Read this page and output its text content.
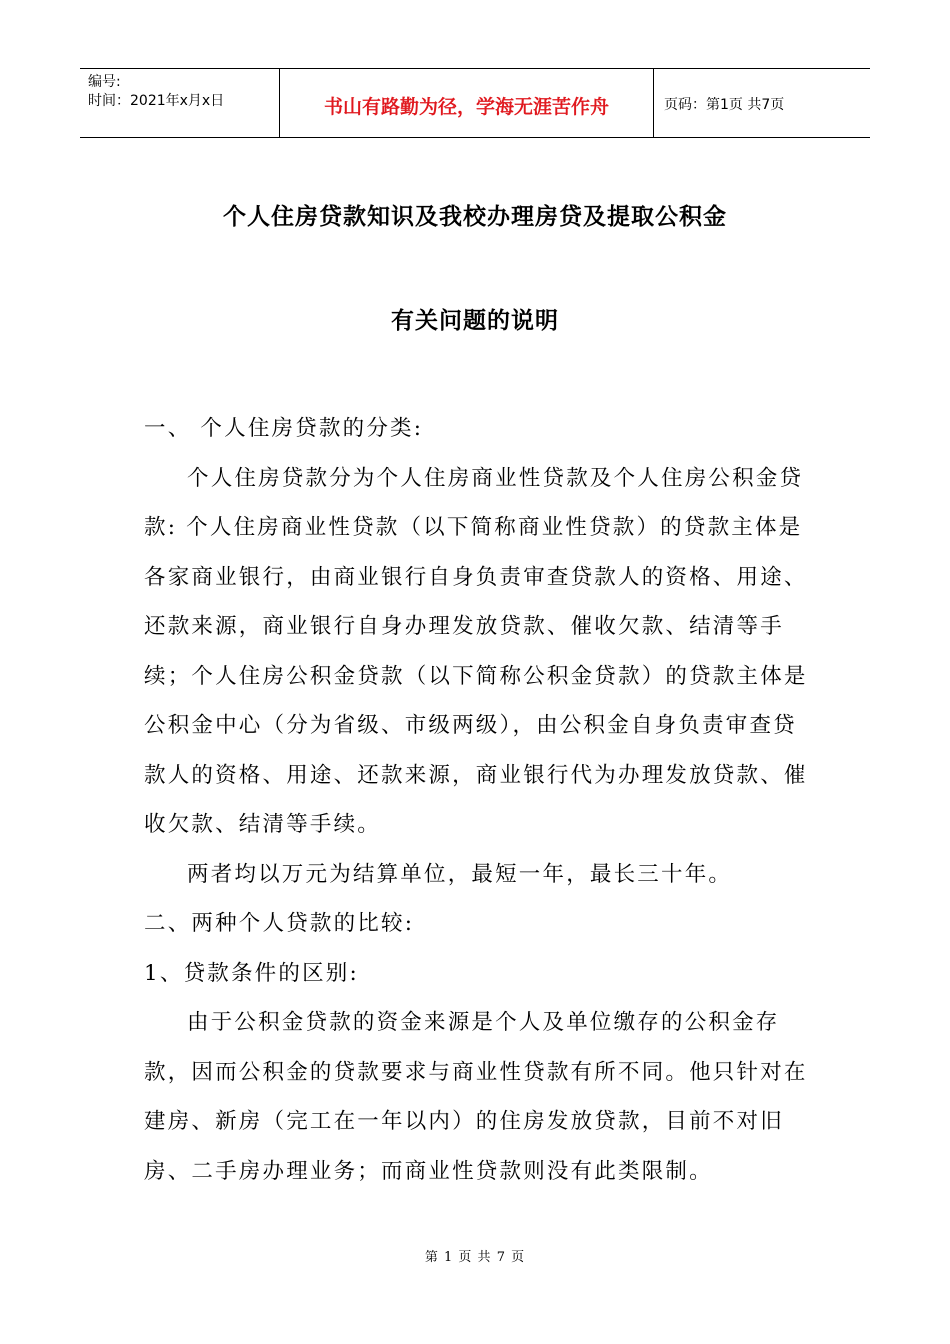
编号:
时间：2021年x月x日	书山有路勤为径，学海无涯苦作舟	页码：第1页 共7页
个人住房贷款知识及我校办理房贷及提取公积金
有关问题的说明

一、 个人住房贷款的分类:

个人住房贷款分为个人住房商业性贷款及个人住房公积金贷款: 个人住房商业性贷款（以下简称商业性贷款）的贷款主体是各家商业银行，由商业银行自身负责审查贷款人的资格、用途、还款来源，商业银行自身办理发放贷款、催收欠款、结清等手续；个人住房公积金贷款（以下简称公积金贷款）的贷款主体是公积金中心（分为省级、市级两级），由公积金自身负责审查贷款人的资格、用途、还款来源，商业银行代为办理发放贷款、催收欠款、结清等手续。

两者均以万元为结算单位，最短一年，最长三十年。

二、两种个人贷款的比较:

1、贷款条件的区别:

由于公积金贷款的资金来源是个人及单位缴存的公积金存款，因而公积金的贷款要求与商业性贷款有所不同。他只针对在建房、新房（完工在一年以内）的住房发放贷款，目前不对旧房、二手房办理业务；而商业性贷款则没有此类限制。

第 1 页 共 7 页
